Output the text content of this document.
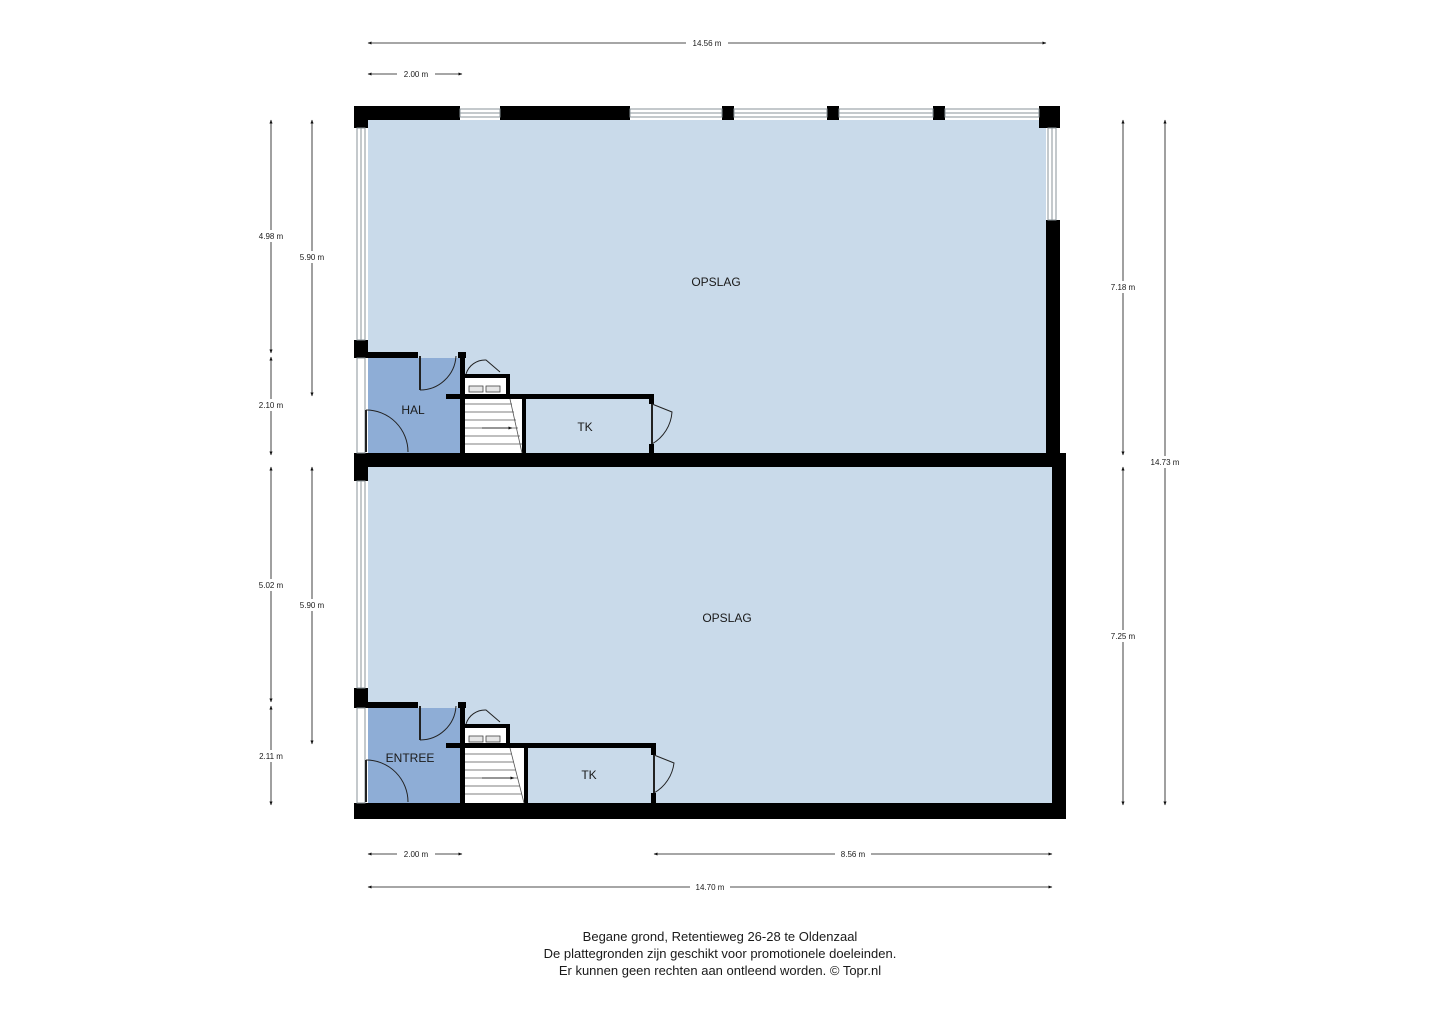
OPSLAG
OPSLAG
HAL
ENTREE
TK
TK
14.56 m
2.00 m
2.00 m	8.56 m
14.70 m
4.98 m
2.10 m
5.02 m
2.11 m
5.90 m
5.90 m
7.18 m
7.25 m
14.73 m
Begane grond, Retentieweg 26-28 te Oldenzaal
De plattegronden zijn geschikt voor promotionele doeleinden.
Er kunnen geen rechten aan ontleend worden. © Topr.nl
